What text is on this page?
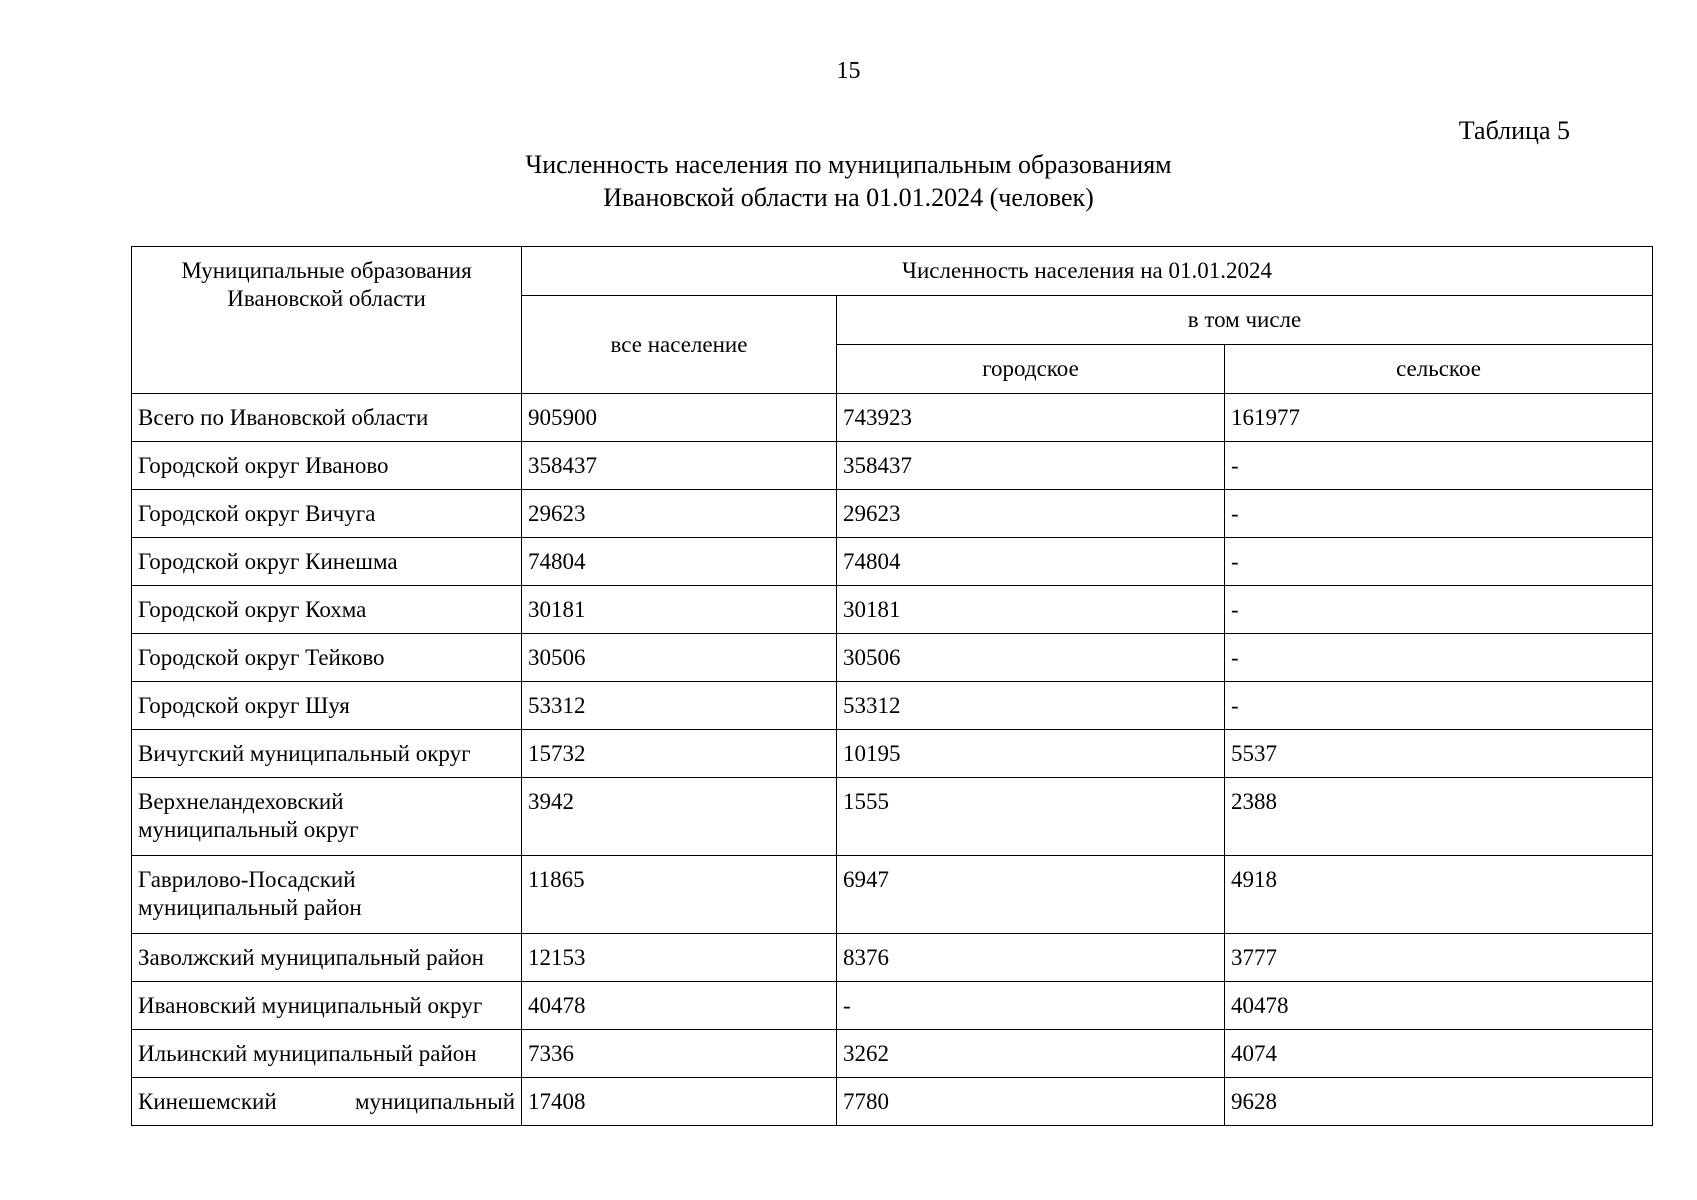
15
Таблица 5
Численность населения по муниципальным образованиям
Ивановской области на 01.01.2024 (человек)
Муниципальные образования
Ивановской области	Численность населения на 01.01.2024		
	все население	в том числе	
		городское	сельское
Всего по Ивановской области	905900	743923	161977
Городской округ Иваново	358437	358437	-
Городской округ Вичуга	29623	29623	-
Городской округ Кинешма	74804	74804	-
Городской округ Кохма	30181	30181	-
Городской округ Тейково	30506	30506	-
Городской округ Шуя	53312	53312	-
Вичугский муниципальный округ	15732	10195	5537

Верхнеландеховский
муниципальный округ	3942	1555	2388

Гаврилово-Посадский
муниципальный район	11865	6947	4918
Заволжский муниципальный район	12153	8376	3777
Ивановский муниципальный округ	40478	-	40478
Ильинский муниципальный район	7336	3262	4074
Кинешемский муниципальный	17408	7780	9628
